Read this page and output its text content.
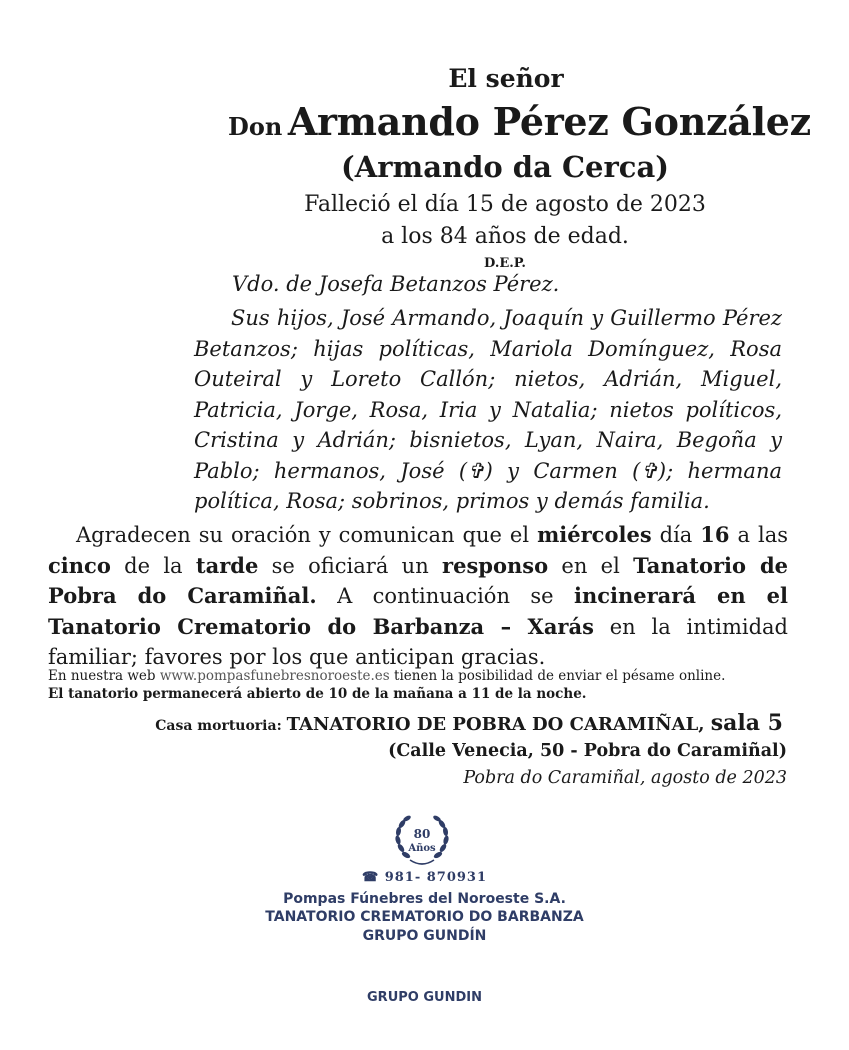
El señor
Don Armando Pérez González
(Armando da Cerca)
Falleció el día 15 de agosto de 2023
a los 84 años de edad.
D.E.P.
Vdo. de Josefa Betanzos Pérez.
Sus hijos, José Armando, Joaquín y Guillermo Pérez Betanzos; hijas políticas, Mariola Domínguez, Rosa Outeiral y Loreto Callón; nietos, Adrián, Miguel, Patricia, Jorge, Rosa, Iria y Natalia; nietos políticos, Cristina y Adrián; bisnietos, Lyan, Naira, Begoña y Pablo; hermanos, José (✞) y Carmen (✞); hermana política, Rosa; sobrinos, primos y demás familia.
Agradecen su oración y comunican que el miércoles día 16 a las cinco de la tarde se oficiará un responso en el Tanatorio de Pobra do Caramiñal. A continuación se incinerará en el Tanatorio Crematorio do Barbanza – Xarás en la intimidad familiar; favores por los que anticipan gracias.
En nuestra web www.pompasfunebresnoroeste.es tienen la posibilidad de enviar el pésame online.
El tanatorio permanecerá abierto de 10 de la mañana a 11 de la noche.
Casa mortuoria: TANATORIO DE POBRA DO CARAMIÑAL, sala 5
(Calle Venecia, 50 - Pobra do Caramiñal)
Pobra do Caramiñal, agosto de 2023
80
Años
☎ 981- 870931
Pompas Fúnebres del Noroeste S.A.
TANATORIO CREMATORIO DO BARBANZA
GRUPO GUNDÍN
GRUPO GUNDIN
